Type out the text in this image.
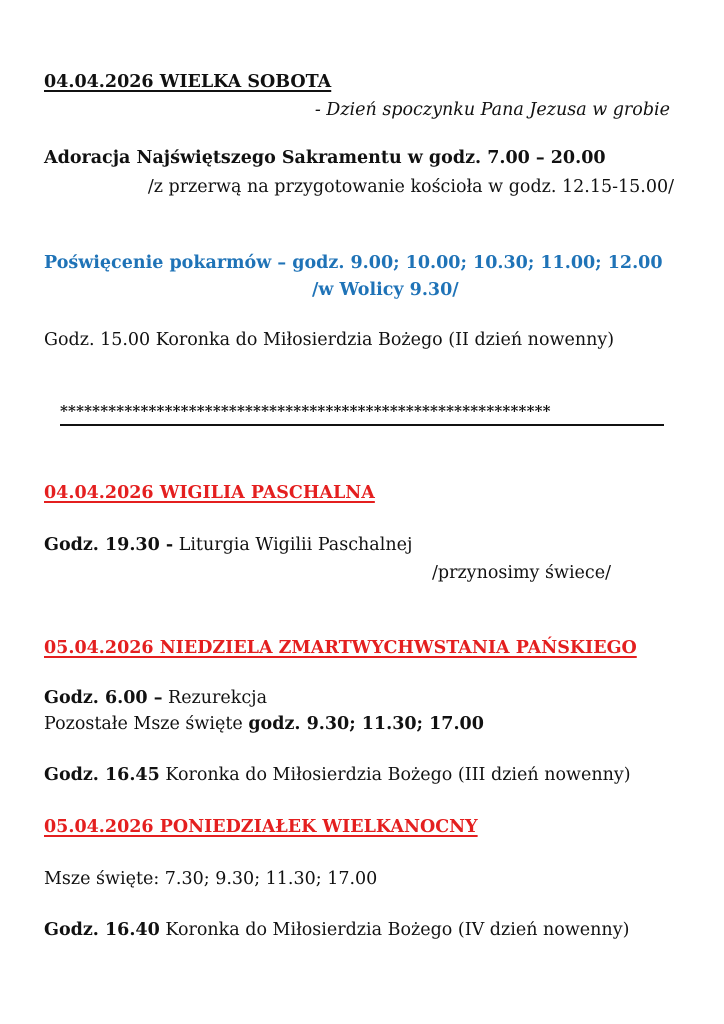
04.04.2026 WIELKA SOBOTA
- Dzień spoczynku Pana Jezusa w grobie
Adoracja Najświętszego Sakramentu w godz. 7.00 – 20.00
/z przerwą na przygotowanie kościoła w godz. 12.15-15.00/
Poświęcenie pokarmów – godz. 9.00; 10.00; 10.30; 11.00; 12.00
/w Wolicy 9.30/
Godz. 15.00 Koronka do Miłosierdzia Bożego (II dzień nowenny)
*************************************************************
04.04.2026 WIGILIA PASCHALNA
Godz. 19.30 - Liturgia Wigilii Paschalnej
/przynosimy świece/
05.04.2026 NIEDZIELA ZMARTWYCHWSTANIA PAŃSKIEGO
Godz. 6.00 – Rezurekcja
Pozostałe Msze święte godz. 9.30; 11.30; 17.00
Godz. 16.45 Koronka do Miłosierdzia Bożego (III dzień nowenny)
05.04.2026 PONIEDZIAŁEK WIELKANOCNY
Msze święte: 7.30; 9.30; 11.30; 17.00
Godz. 16.40 Koronka do Miłosierdzia Bożego (IV dzień nowenny)
